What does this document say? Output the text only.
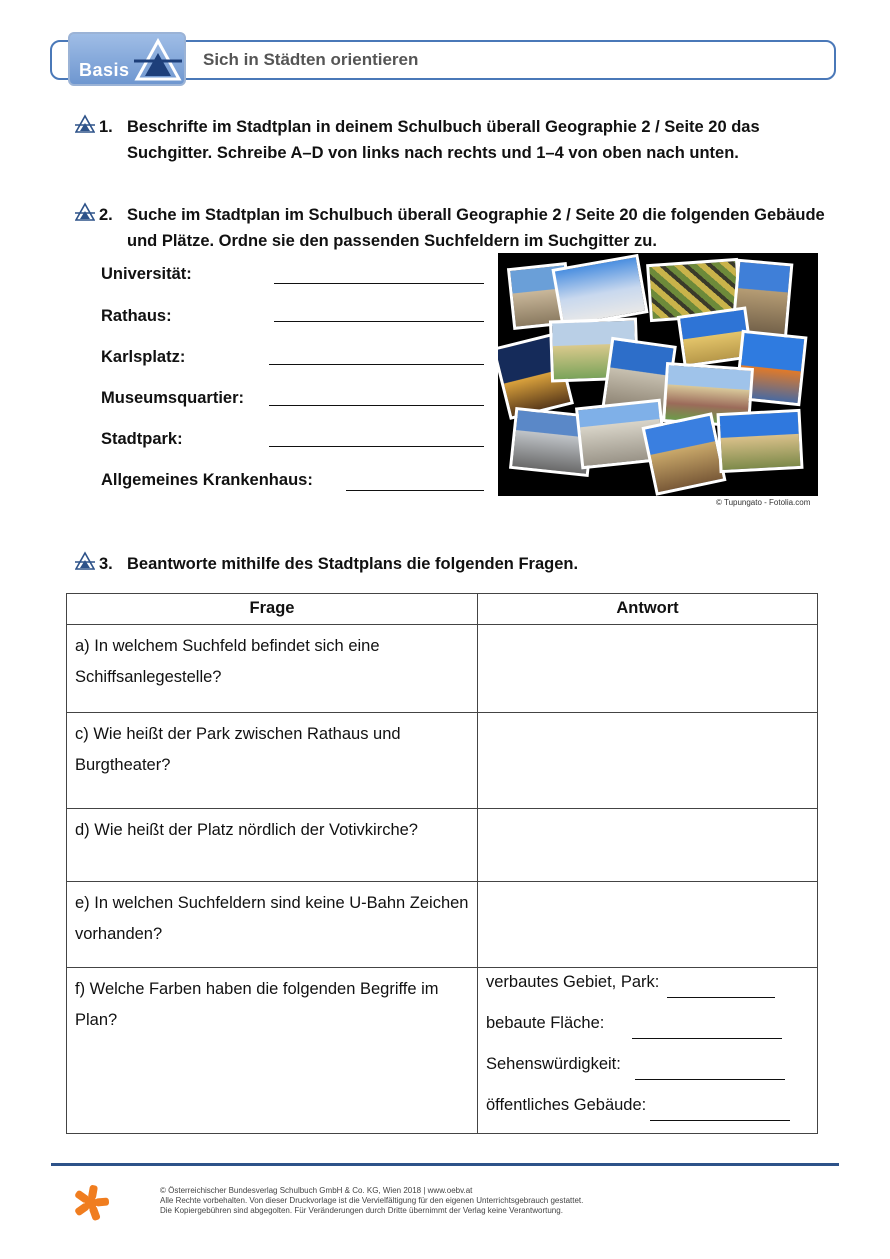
Basis
Sich in Städten orientieren
1. Beschrifte im Stadtplan in deinem Schulbuch überall Geographie 2 / Seite 20 das Suchgitter. Schreibe A–D von links nach rechts und 1–4 von oben nach unten.
2. Suche im Stadtplan im Schulbuch überall Geographie 2 / Seite 20 die folgenden Gebäude und Plätze. Ordne sie den passenden Suchfeldern im Suchgitter zu.
Universität:
Rathaus:
Karlsplatz:
Museumsquartier:
Stadtpark:
Allgemeines Krankenhaus:
© Tupungato - Fotolia.com
3. Beantworte mithilfe des Stadtplans die folgenden Fragen.
Frage	Antwort
a) In welchem Suchfeld befindet sich eine Schiffsanlegestelle?	
c) Wie heißt der Park zwischen Rathaus und Burgtheater?	
d) Wie heißt der Platz nördlich der Votivkirche?	
e) In welchen Suchfeldern sind keine U-Bahn Zeichen vorhanden?	
f) Welche Farben haben die folgenden Begriffe im Plan?	verbautes Gebiet, Park:
bebaute Fläche:
Sehenswürdigkeit:
öffentliches Gebäude:
© Österreichischer Bundesverlag Schulbuch GmbH & Co. KG, Wien 2018 | www.oebv.at
Alle Rechte vorbehalten. Von dieser Druckvorlage ist die Vervielfältigung für den eigenen Unterrichtsgebrauch gestattet.
Die Kopiergebühren sind abgegolten. Für Veränderungen durch Dritte übernimmt der Verlag keine Verantwortung.
